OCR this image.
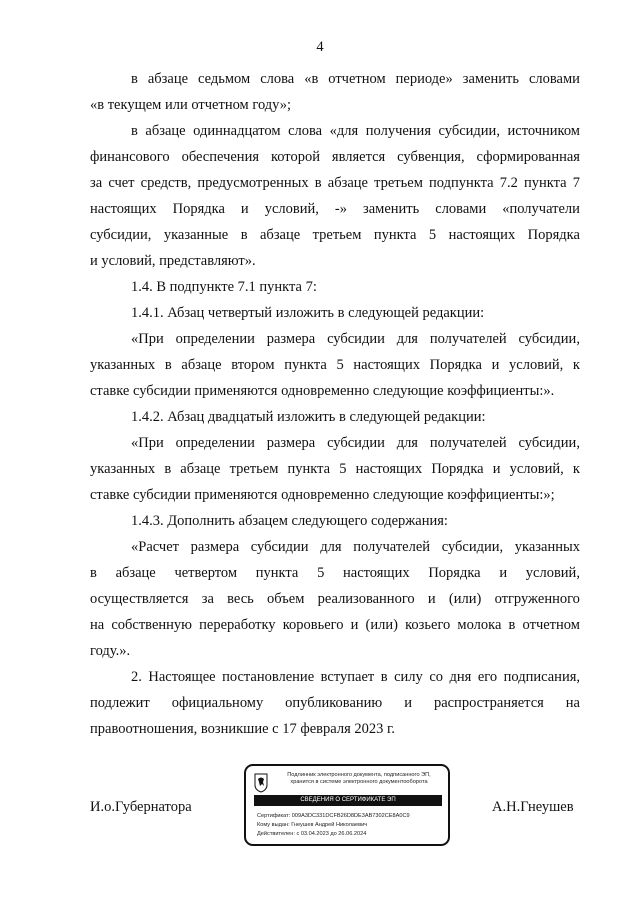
4
в абзаце седьмом слова «в отчетном периоде» заменить словами
«в текущем или отчетном году»;
в абзаце одиннадцатом слова «для получения субсидии, источником
финансового обеспечения которой является субвенция, сформированная
за счет средств, предусмотренных в абзаце третьем подпункта 7.2 пункта 7
настоящих Порядка и условий, -» заменить словами «получатели
субсидии, указанные в абзаце третьем пункта 5 настоящих Порядка
и условий, представляют».
1.4. В подпункте 7.1 пункта 7:
1.4.1. Абзац четвертый изложить в следующей редакции:
«При определении размера субсидии для получателей субсидии,
указанных в абзаце втором пункта 5 настоящих Порядка и условий, к
ставке субсидии применяются одновременно следующие коэффициенты:».
1.4.2. Абзац двадцатый изложить в следующей редакции:
«При определении размера субсидии для получателей субсидии,
указанных в абзаце третьем пункта 5 настоящих Порядка и условий, к
ставке субсидии применяются одновременно следующие коэффициенты:»;
1.4.3. Дополнить абзацем следующего содержания:
«Расчет размера субсидии для получателей субсидии, указанных
в абзаце четвертом пункта 5 настоящих Порядка и условий,
осуществляется за весь объем реализованного и (или) отгруженного
на собственную переработку коровьего и (или) козьего молока в отчетном
году.».
2. Настоящее постановление вступает в силу со дня его подписания,
подлежит официальному опубликованию и распространяется на
правоотношения, возникшие с 17 февраля 2023 г.
И.о.Губернатора	А.Н.Гнеушев
Подлинник электронного документа, подписанного ЭП,
хранится в системе электронного документооборота
СВЕДЕНИЯ О СЕРТИФИКАТЕ ЭП
Сертификат: 009A3DC331DCFB26D8DE3AB7302CE8A0C9
Кому выдан: Гнеушев Андрей Николаевич
Действителен: с 03.04.2023 до 26.06.2024
